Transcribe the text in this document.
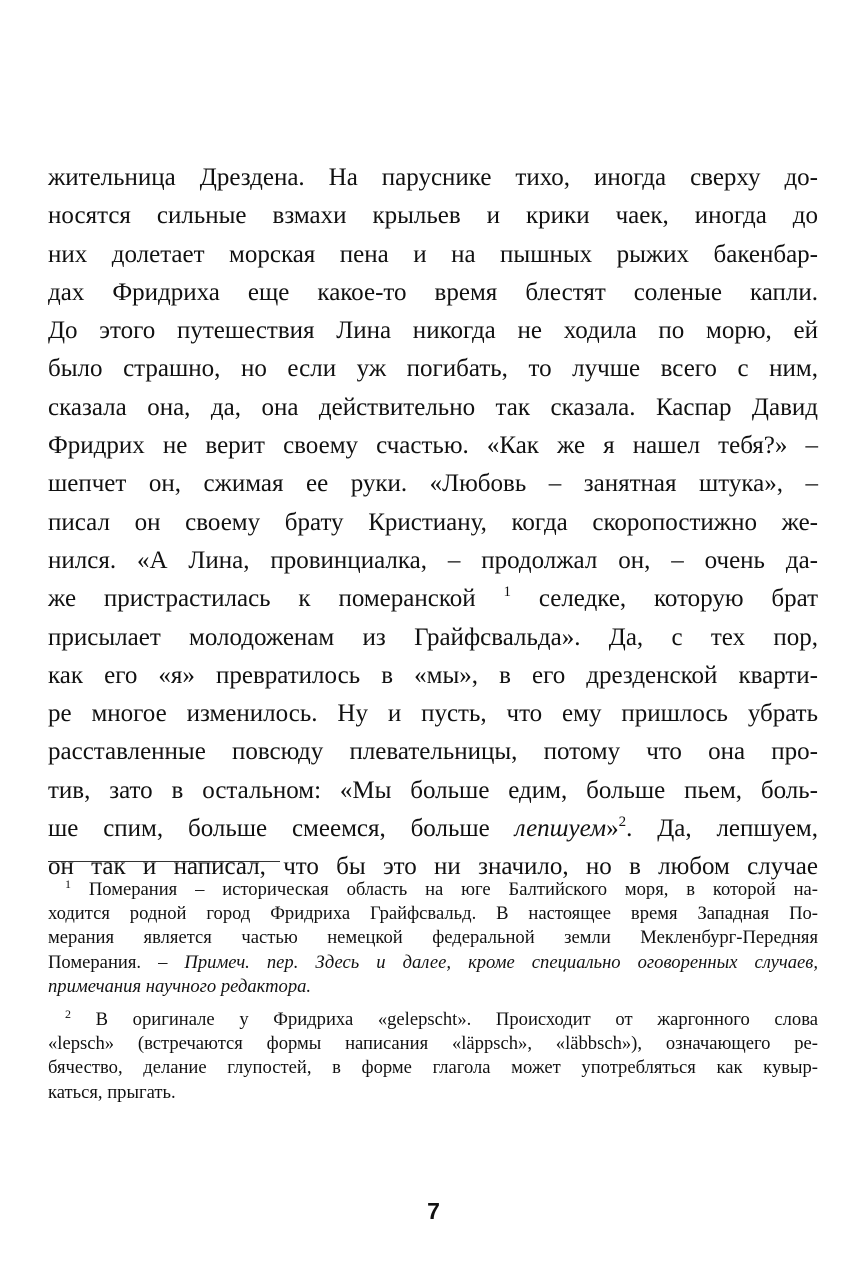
жительница Дрездена. На паруснике тихо, иногда сверху до-
носятся сильные взмахи крыльев и крики чаек, иногда до
них долетает морская пена и на пышных рыжих бакенбар-
дах Фридриха еще какое-то время блестят соленые капли.
До этого путешествия Лина никогда не ходила по морю, ей
было страшно, но если уж погибать, то лучше всего с ним,
сказала она, да, она действительно так сказала. Каспар Давид
Фридрих не верит своему счастью. «Как же я нашел тебя?» –
шепчет он, сжимая ее руки. «Любовь – занятная штука», –
писал он своему брату Кристиану, когда скоропостижно же-
нился. «А Лина, провинциалка, – продолжал он, – очень да-
же пристрастилась к померанской $^1$ селедке, которую брат
присылает молодоженам из Грайфсвальда». Да, с тех пор,
как его «я» превратилось в «мы», в его дрезденской кварти-
ре многое изменилось. Ну и пусть, что ему пришлось убрать
расставленные повсюду плевательницы, потому что она про-
тив, зато в остальном: «Мы больше едим, больше пьем, боль-
ше спим, больше смеемся, больше лепшуем»$^2$. Да, лепшуем,
он так и написал, что бы это ни значило, но в любом случае
$^1$ Померания – историческая область на юге Балтийского моря, в которой на-
ходится родной город Фридриха Грайфсвальд. В настоящее время Западная По-
мерания является частью немецкой федеральной земли Мекленбург-Передняя
Померания. – Примеч. пер. Здесь и далее, кроме специально оговоренных случаев,
примечания научного редактора.
$^2$ В оригинале у Фридриха «gelepscht». Происходит от жаргонного слова
«lepsch» (встречаются формы написания «läppsch», «läbbsch»), означающего ре-
бячество, делание глупостей, в форме глагола может употребляться как кувыр-
каться, прыгать.
7
